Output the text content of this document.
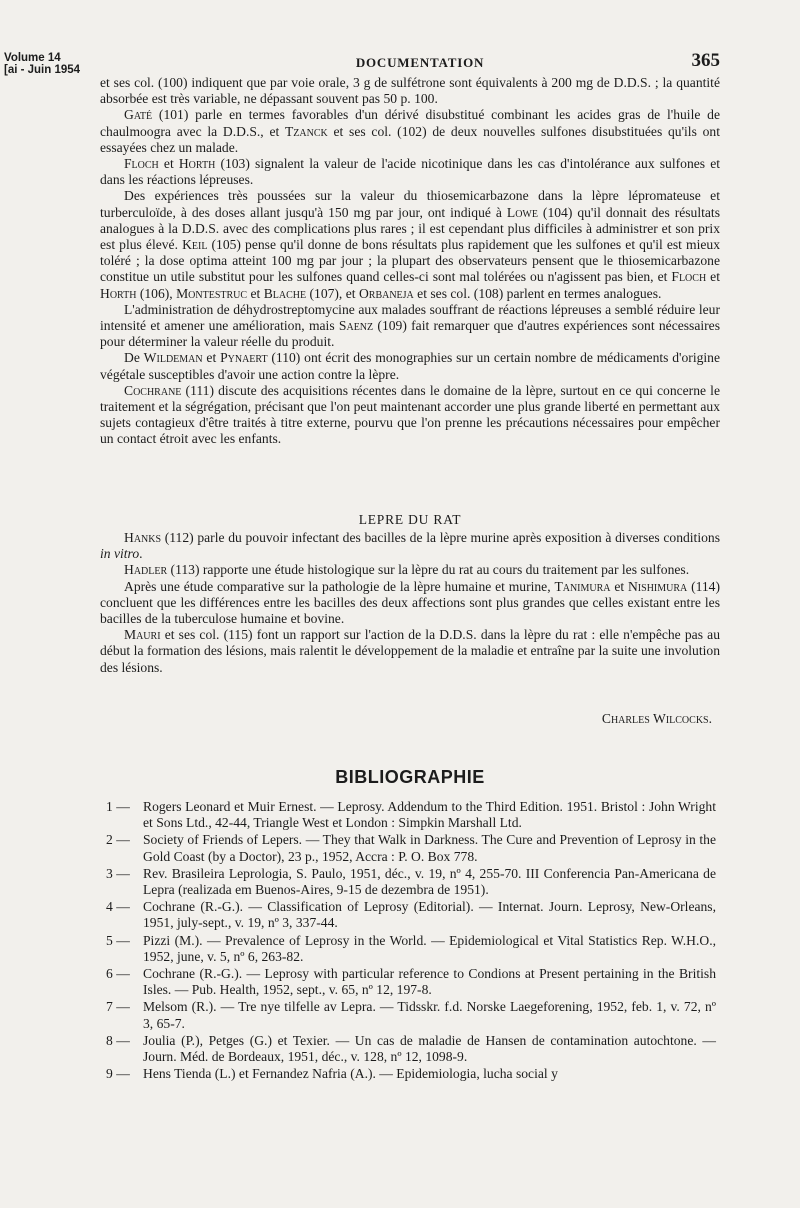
Volume 14
[ai - Juin 1954	DOCUMENTATION	365

et ses col. (100) indiquent que par voie orale, 3 g de sulfétrone sont équivalents à 200 mg de D.D.S. ; la quantité absorbée est très variable, ne dépassant souvent pas 50 p. 100.

Gaté (101) parle en termes favorables d'un dérivé disubstitué combinant les acides gras de l'huile de chaulmoogra avec la D.D.S., et Tzanck et ses col. (102) de deux nouvelles sulfones disubstituées qu'ils ont essayées chez un malade.

Floch et Horth (103) signalent la valeur de l'acide nicotinique dans les cas d'intolérance aux sulfones et dans les réactions lépreuses.

Des expériences très poussées sur la valeur du thiosemicarbazone dans la lèpre lépromateuse et turberculoïde, à des doses allant jusqu'à 150 mg par jour, ont indiqué à Lowe (104) qu'il donnait des résultats analogues à la D.D.S. avec des complications plus rares ; il est cependant plus difficiles à administrer et son prix est plus élevé. Keil (105) pense qu'il donne de bons résultats plus rapidement que les sulfones et qu'il est mieux toléré ; la dose optima atteint 100 mg par jour ; la plupart des observateurs pensent que le thiosemicarbazone constitue un utile substitut pour les sulfones quand celles-ci sont mal tolérées ou n'agissent pas bien, et Floch et Horth (106), Montestruc et Blache (107), et Orbaneja et ses col. (108) parlent en termes analogues.

L'administration de déhydrostreptomycine aux malades souffrant de réactions lépreuses a semblé réduire leur intensité et amener une amélioration, mais Saenz (109) fait remarquer que d'autres expériences sont nécessaires pour déterminer la valeur réelle du produit.

De Wildeman et Pynaert (110) ont écrit des monographies sur un certain nombre de médicaments d'origine végétale susceptibles d'avoir une action contre la lèpre.

Cochrane (111) discute des acquisitions récentes dans le domaine de la lèpre, surtout en ce qui concerne le traitement et la ségrégation, précisant que l'on peut maintenant accorder une plus grande liberté en permettant aux sujets contagieux d'être traités à titre externe, pourvu que l'on prenne les précautions nécessaires pour empêcher un contact étroit avec les enfants.

LEPRE DU RAT

Hanks (112) parle du pouvoir infectant des bacilles de la lèpre murine après exposition à diverses conditions in vitro.

Hadler (113) rapporte une étude histologique sur la lèpre du rat au cours du traitement par les sulfones.

Après une étude comparative sur la pathologie de la lèpre humaine et murine, Tanimura et Nishimura (114) concluent que les différences entre les bacilles des deux affections sont plus grandes que celles existant entre les bacilles de la tuberculose humaine et bovine.

Mauri et ses col. (115) font un rapport sur l'action de la D.D.S. dans la lèpre du rat : elle n'empêche pas au début la formation des lésions, mais ralentit le développement de la maladie et entraîne par la suite une involution des lésions.

Charles Wilcocks.
BIBLIOGRAPHIE
1 — Rogers Leonard et Muir Ernest. — Leprosy. Addendum to the Third Edition. 1951. Bristol : John Wright et Sons Ltd., 42-44, Triangle West et London : Simpkin Marshall Ltd.
2 — Society of Friends of Lepers. — They that Walk in Darkness. The Cure and Prevention of Leprosy in the Gold Coast (by a Doctor), 23 p., 1952, Accra : P. O. Box 778.
3 — Rev. Brasileira Leprologia, S. Paulo, 1951, déc., v. 19, nº 4, 255-70. III Conferencia Pan-Americana de Lepra (realizada em Buenos-Aires, 9-15 de dezembra de 1951).
4 — Cochrane (R.-G.). — Classification of Leprosy (Editorial). — Internat. Journ. Leprosy, New-Orleans, 1951, july-sept., v. 19, nº 3, 337-44.
5 — Pizzi (M.). — Prevalence of Leprosy in the World. — Epidemiological et Vital Statistics Rep. W.H.O., 1952, june, v. 5, nº 6, 263-82.
6 — Cochrane (R.-G.). — Leprosy with particular reference to Condions at Present pertaining in the British Isles. — Pub. Health, 1952, sept., v. 65, nº 12, 197-8.
7 — Melsom (R.). — Tre nye tilfelle av Lepra. — Tidsskr. f.d. Norske Laegeforening, 1952, feb. 1, v. 72, nº 3, 65-7.
8 — Joulia (P.), Petges (G.) et Texier. — Un cas de maladie de Hansen de contamination autochtone. — Journ. Méd. de Bordeaux, 1951, déc., v. 128, nº 12, 1098-9.
9 — Hens Tienda (L.) et Fernandez Nafria (A.). — Epidemiologia, lucha social y
